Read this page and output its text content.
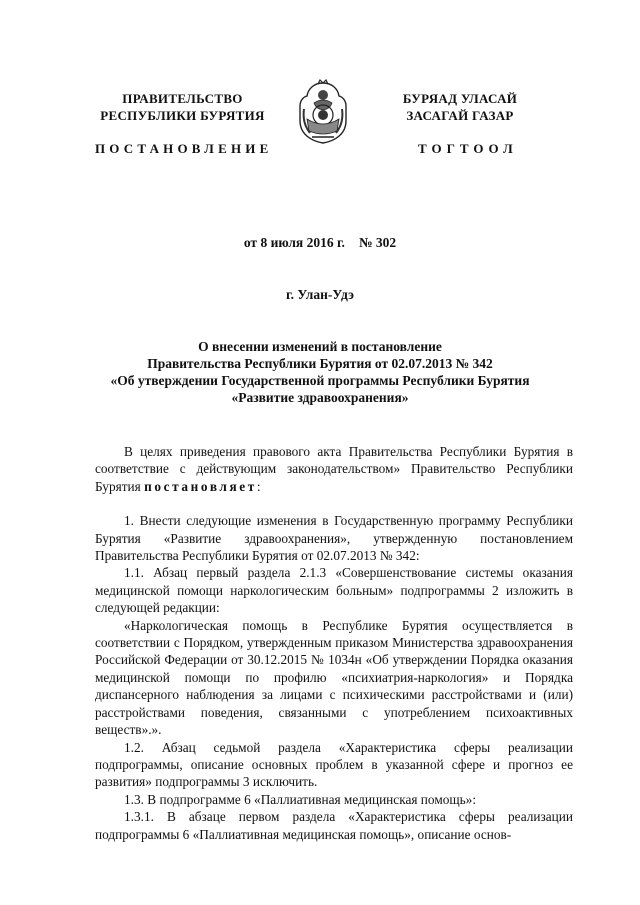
ПРАВИТЕЛЬСТВО
РЕСПУБЛИКИ БУРЯТИЯ
БУРЯАД УЛАСАЙ
ЗАСАГАЙ ГАЗАР
ПОСТАНОВЛЕНИЕ	ТОГТООЛ
от 8 июля 2016 г. № 302
г. Улан-Удэ
О внесении изменений в постановление
Правительства Республики Бурятия от 02.07.2013 № 342
«Об утверждении Государственной программы Республики Бурятия
«Развитие здравоохранения»

В целях приведения правового акта Правительства Республики Бурятия в соответствие с действующим законодательством» Правительство Республики Бурятия постановляет:

1. Внести следующие изменения в Государственную программу Республики Бурятия «Развитие здравоохранения», утвержденную постановлением Правительства Республики Бурятия от 02.07.2013 № 342:

1.1. Абзац первый раздела 2.1.3 «Совершенствование системы оказания медицинской помощи наркологическим больным» подпрограммы 2 изложить в следующей редакции:

«Наркологическая помощь в Республике Бурятия осуществляется в соответствии с Порядком, утвержденным приказом Министерства здравоохранения Российской Федерации от 30.12.2015 № 1034н «Об утверждении Порядка оказания медицинской помощи по профилю «психиатрия-наркология» и Порядка диспансерного наблюдения за лицами с психическими расстройствами и (или) расстройствами поведения, связанными с употреблением психоактивных веществ».».

1.2. Абзац седьмой раздела «Характеристика сферы реализации подпрограммы, описание основных проблем в указанной сфере и прогноз ее развития» подпрограммы 3 исключить.

1.3. В подпрограмме 6 «Паллиативная медицинская помощь»:

1.3.1. В абзаце первом раздела «Характеристика сферы реализации подпрограммы 6 «Паллиативная медицинская помощь», описание основ-
